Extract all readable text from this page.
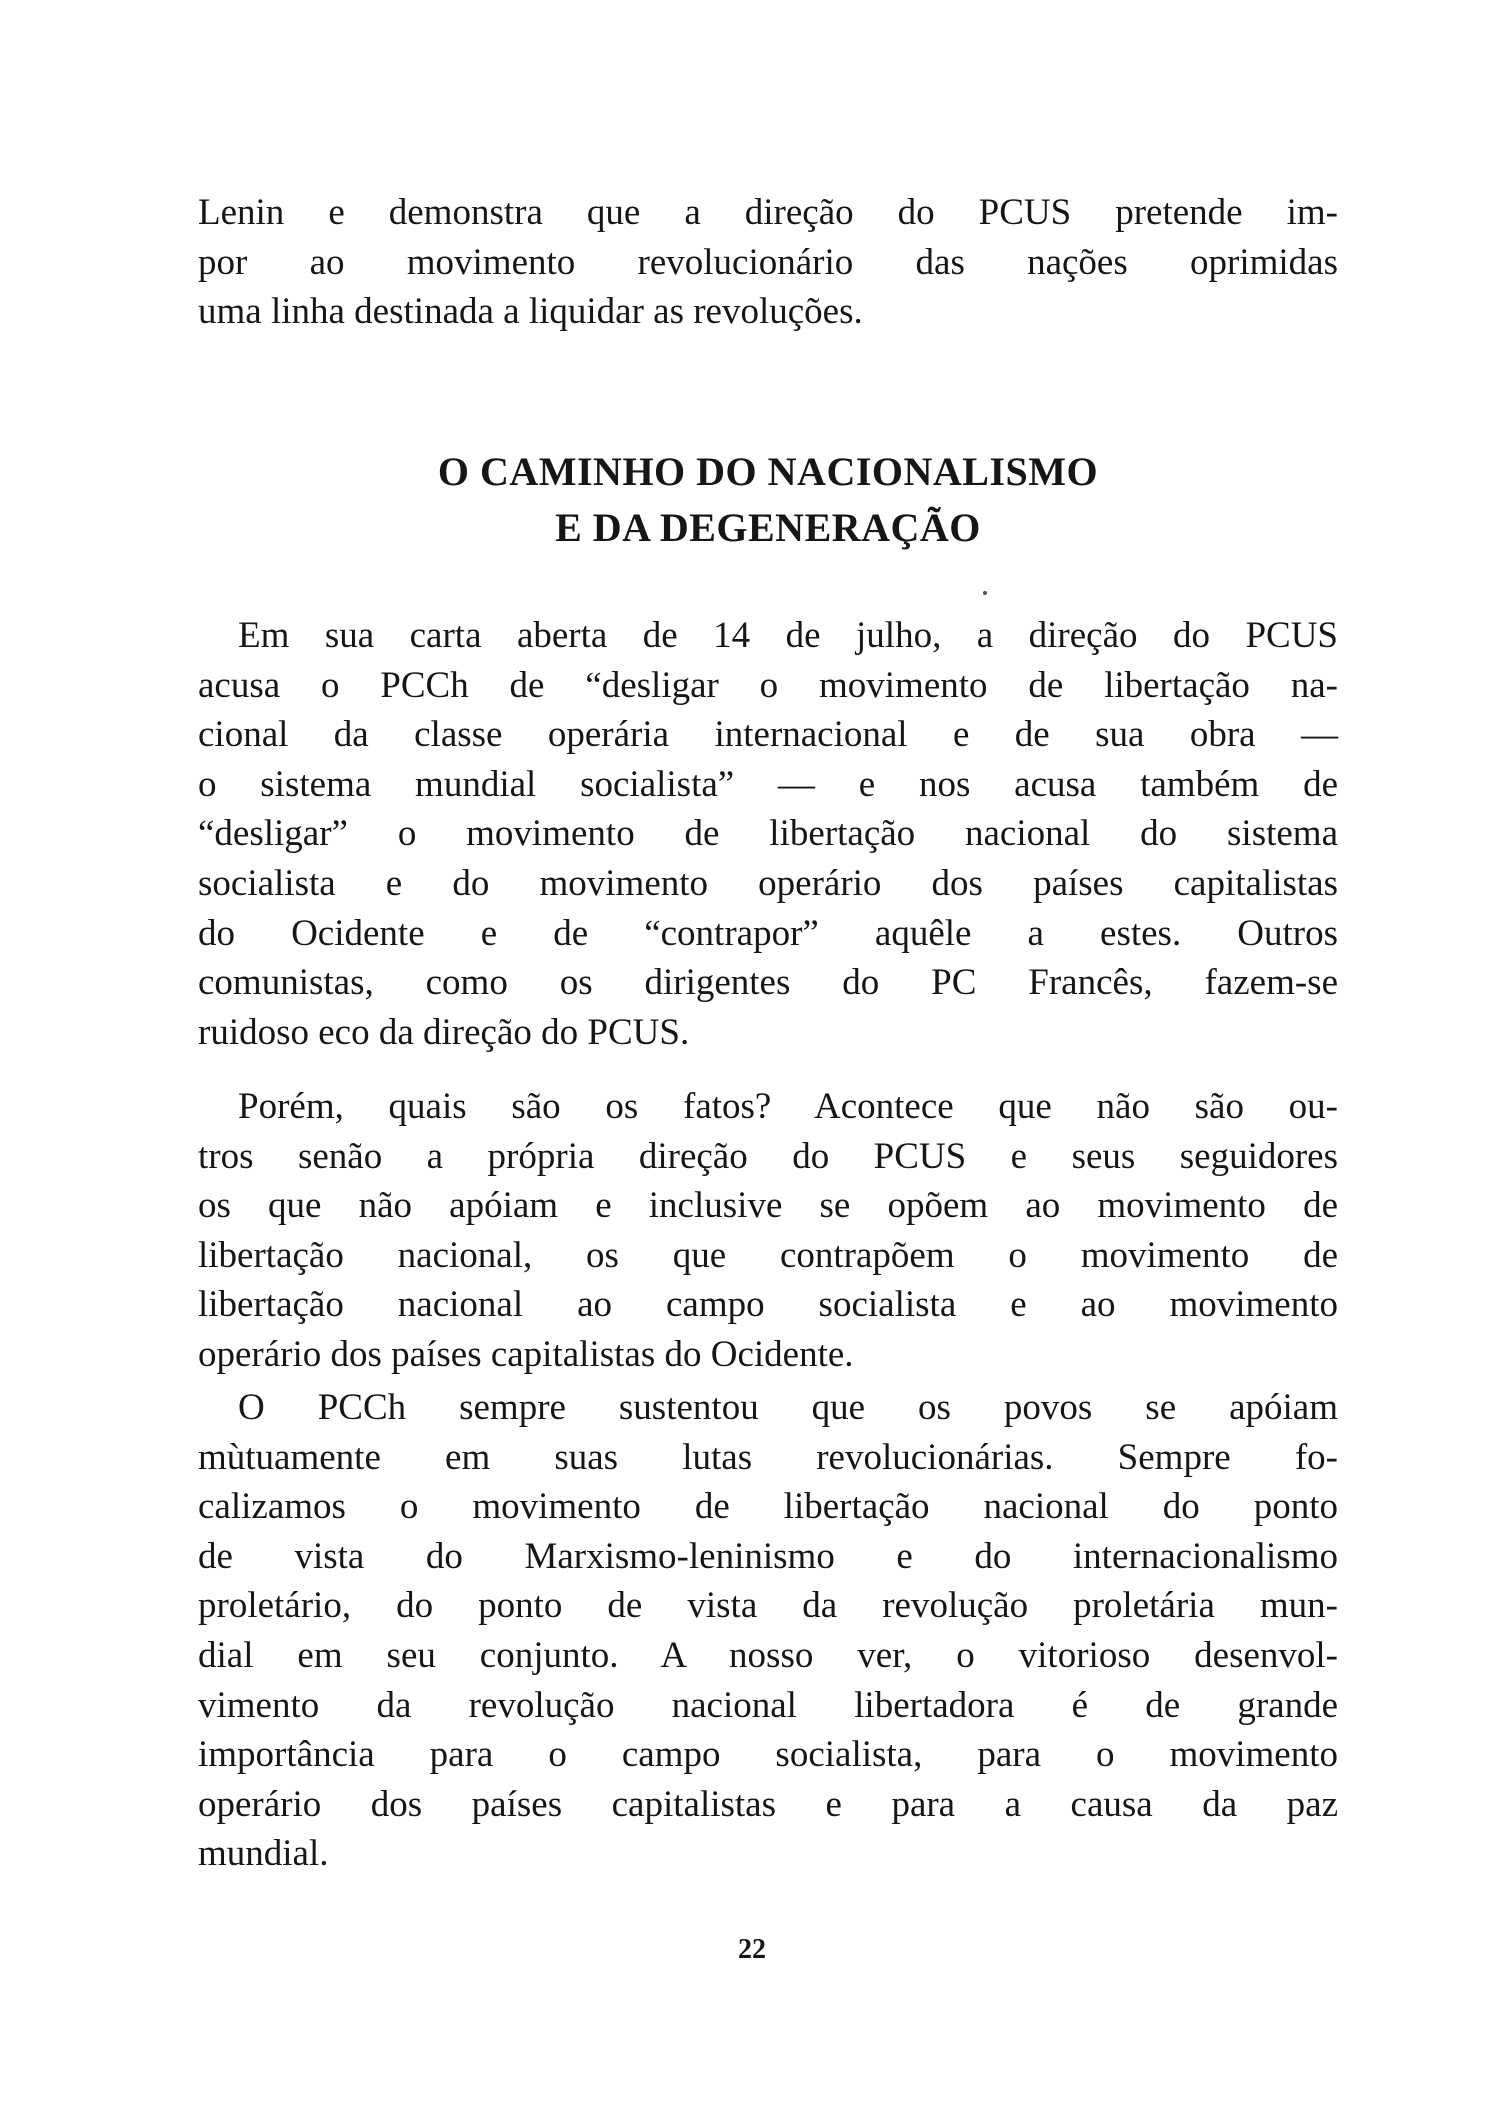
Lenin e demonstra que a direção do PCUS pretende im-
por ao movimento revolucionário das nações oprimidas
uma linha destinada a liquidar as revoluções.
O CAMINHO DO NACIONALISMO
E DA DEGENERAÇÃO
Em sua carta aberta de 14 de julho, a direção do PCUS
acusa o PCCh de “desligar o movimento de libertação na-
cional da classe operária internacional e de sua obra —
o sistema mundial socialista” — e nos acusa também de
“desligar” o movimento de libertação nacional do sistema
socialista e do movimento operário dos países capitalistas
do Ocidente e de “contrapor” aquêle a estes. Outros
comunistas, como os dirigentes do PC Francês, fazem-se
ruidoso eco da direção do PCUS.
Porém, quais são os fatos? Acontece que não são ou-
tros senão a própria direção do PCUS e seus seguidores
os que não apóiam e inclusive se opõem ao movimento de
libertação nacional, os que contrapõem o movimento de
libertação nacional ao campo socialista e ao movimento
operário dos países capitalistas do Ocidente.
O PCCh sempre sustentou que os povos se apóiam
mùtuamente em suas lutas revolucionárias. Sempre fo-
calizamos o movimento de libertação nacional do ponto
de vista do Marxismo-leninismo e do internacionalismo
proletário, do ponto de vista da revolução proletária mun-
dial em seu conjunto. A nosso ver, o vitorioso desenvol-
vimento da revolução nacional libertadora é de grande
importância para o campo socialista, para o movimento
operário dos países capitalistas e para a causa da paz
mundial.
22
